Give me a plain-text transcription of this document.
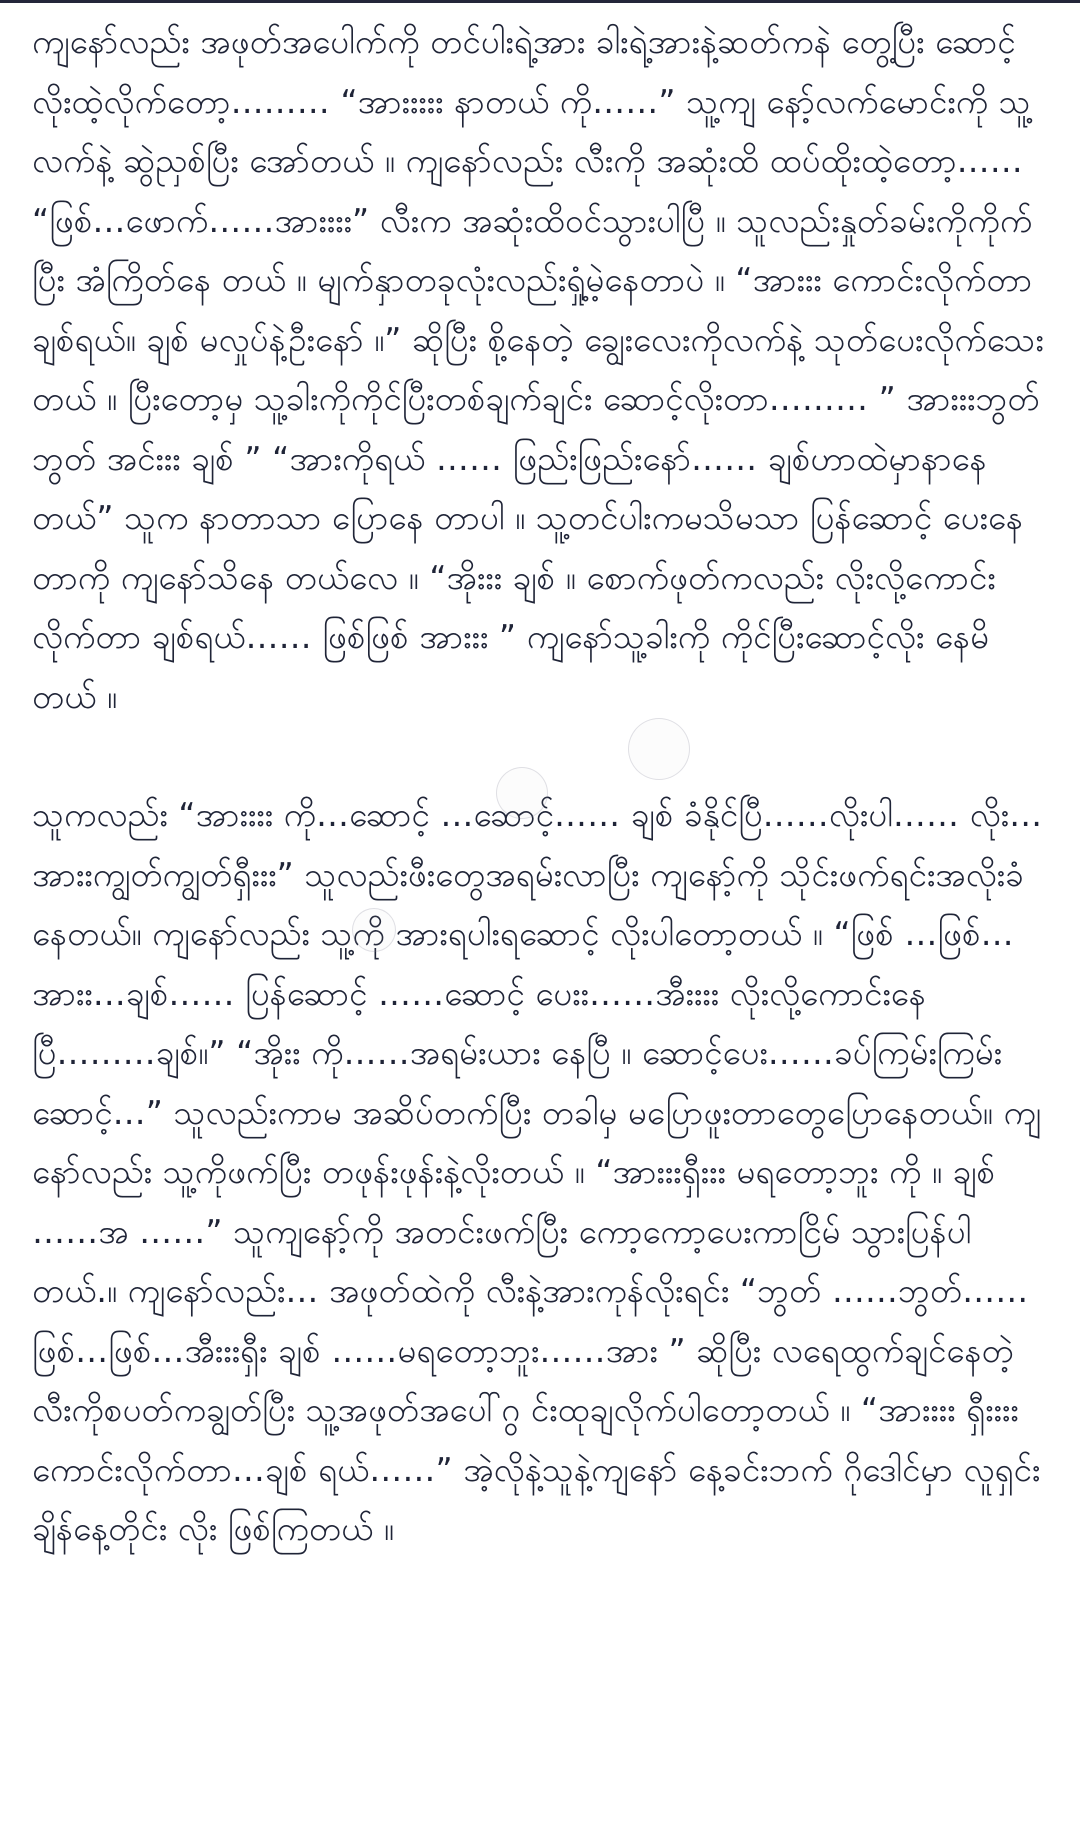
ကျနော်လည်း အဖုတ်အပေါက်ကို တင်ပါးရဲ့အား ခါးရဲ့အားနဲ့ဆတ်ကနဲ တွေ့ပြီး ဆောင့်လိုးထဲ့လိုက်တော့……… “အားးးးး နာတယ် ကို……” သူ့ကျ နော့်လက်မောင်းကို သူ့လက်နဲ့ ဆွဲညှစ်ပြီး အော်တယ် ။ ကျနော်လည်း လီးကို အဆုံးထိ ထပ်ထိုးထဲ့တော့…… “ဖြစ်…ဖောက်……အားးးး” လီးက အဆုံးထိဝင်သွားပါပြီ ။ သူလည်းနှုတ်ခမ်းကိုကိုက်ပြီး အံကြိတ်နေ တယ် ။ မျက်နှာတခုလုံးလည်းရှုံ့မဲ့နေတာပဲ ။ “အားးး ကောင်းလိုက်တာ ချစ်ရယ်။ ချစ် မလှုပ်နဲ့ဦးနော် ။” ဆိုပြီး စို့နေတဲ့ ချွေးလေးကိုလက်နဲ့ သုတ်ပေးလိုက်သေးတယ် ။ ပြီးတော့မှ သူ့ခါးကိုကိုင်ပြီးတစ်ချက်ချင်း ဆောင့်လိုးတာ……… ” အားးးဘွတ်ဘွတ် အင်းးး ချစ် ” “အားကိုရယ် …… ဖြည်းဖြည်းနော်…… ချစ်ဟာထဲမှာနာနေတယ်” သူက နာတာသာ ပြောနေ တာပါ ။ သူ့တင်ပါးကမသိမသာ ပြန်ဆောင့် ပေးနေတာကို ကျနော်သိနေ တယ်လေ ။ “အိုးးး ချစ် ။ စောက်ဖုတ်ကလည်း လိုးလို့ကောင်းလိုက်တာ ချစ်ရယ်…… ဖြစ်ဖြစ် အားးး ” ကျနော်သူ့ခါးကို ကိုင်ပြီးဆောင့်လိုး နေမိ တယ် ။

သူကလည်း “အားးးး ကို…ဆောင့် …ဆောင့်…… ချစ် ခံနိုင်ပြီ……လိုးပါ…… လိုး…အားးကျွတ်ကျွတ်ရှီးးး” သူလည်းဖီးတွေအရမ်းလာပြီး ကျနော့်ကို သိုင်းဖက်ရင်းအလိုးခံနေတယ်။ ကျနော်လည်း သူ့ကို အားရပါးရဆောင့် လိုးပါတော့တယ် ။ “ဖြစ် …ဖြစ်…အားး…ချစ်…… ပြန်ဆောင့် ……ဆောင့် ပေးး……အီးးးး လိုးလို့ကောင်းနေပြီ………ချစ်။” “အိုးး ကို……အရမ်းယား နေပြီ ။ ဆောင့်ပေး……ခပ်ကြမ်းကြမ်းဆောင့်…” သူလည်းကာမ အဆိပ်တက်ပြီး တခါမှ မပြောဖူးတာတွေပြောနေတယ်။ ကျနော်လည်း သူ့ကိုဖက်ပြီး တဖုန်းဖုန်းနဲ့လိုးတယ် ။ “အားးးရှီးးး မရတော့ဘူး ကို ။ ချစ် ……အ ……” သူကျနော့်ကို အတင်းဖက်ပြီး ကော့ကော့ပေးကာငြိမ် သွားပြန်ပါတယ်.။ ကျနော်လည်း… အဖုတ်ထဲကို လီးနဲ့အားကုန်လိုးရင်း “ဘွတ် ……ဘွတ်……ဖြစ်…ဖြစ်…အီးးးရှီး ချစ် ……မရတော့ဘူး……အား ” ဆိုပြီး လရေထွက်ချင်နေတဲ့ လီးကိုစပတ်ကချွတ်ပြီး သူ့အဖုတ်အပေါ်ဂွ င်းထုချလိုက်ပါတော့တယ် ။ “အားးးး ရှီးးးး ကောင်းလိုက်တာ…ချစ် ရယ်……” အဲ့လိုနဲ့သူနဲ့ကျနော် နေ့ခင်းဘက် ဂိုဒေါင်မှာ လူရှင်းချိန်နေ့တိုင်း လိုး ဖြစ်ကြတယ် ။
